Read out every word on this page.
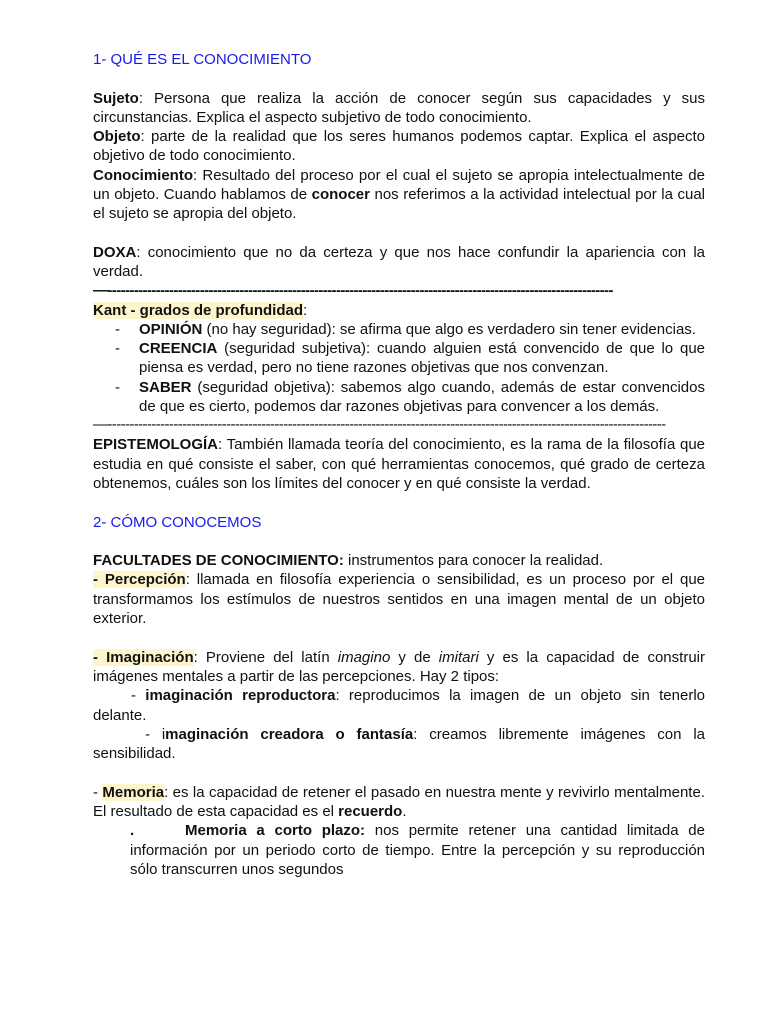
1- QUÉ ES EL CONOCIMIENTO

Sujeto: Persona que realiza la acción de conocer según sus capacidades y sus circunstancias. Explica el aspecto subjetivo de todo conocimiento.

Objeto: parte de la realidad que los seres humanos podemos captar. Explica el aspecto objetivo de todo conocimiento.

Conocimiento: Resultado del proceso por el cual el sujeto se apropia intelectualmente de un objeto. Cuando hablamos de conocer nos referimos a la actividad intelectual por la cual el sujeto se apropia del objeto.

DOXA: conocimiento que no da certeza y que nos hace confundir la apariencia con la verdad.

—-------------------------------------------------------------------------------------------------------------------

Kant - grados de profundidad:

- OPINIÓN (no hay seguridad): se afirma que algo es verdadero sin tener evidencias.
- CREENCIA (seguridad subjetiva): cuando alguien está convencido de que lo que piensa es verdad, pero no tiene razones objetivas que nos convenzan.
- SABER (seguridad objetiva): sabemos algo cuando, además de estar convencidos de que es cierto, podemos dar razones objetivas para convencer a los demás.
—-------------------------------------------------------------------------------------------------------------------------------

EPISTEMOLOGÍA: También llamada teoría del conocimiento, es la rama de la filosofía que estudia en qué consiste el saber, con qué herramientas conocemos, qué grado de certeza obtenemos, cuáles son los límites del conocer y en qué consiste la verdad.

2- CÓMO CONOCEMOS

FACULTADES DE CONOCIMIENTO: instrumentos para conocer la realidad.

- Percepción: llamada en filosofía experiencia o sensibilidad, es un proceso por el que transformamos los estímulos de nuestros sentidos en una imagen mental de un objeto exterior.

- Imaginación: Proviene del latín imagino y de imitari y es la capacidad de construir imágenes mentales a partir de las percepciones. Hay 2 tipos:

- imaginación reproductora: reproducimos la imagen de un objeto sin tenerlo delante.

- imaginación creadora o fantasía: creamos libremente imágenes con la sensibilidad.

- Memoria: es la capacidad de retener el pasado en nuestra mente y revivirlo mentalmente. El resultado de esta capacidad es el recuerdo.

.	Memoria a corto plazo: nos permite retener una cantidad limitada de información por un periodo corto de tiempo. Entre la percepción y su reproducción sólo transcurren unos segundos
